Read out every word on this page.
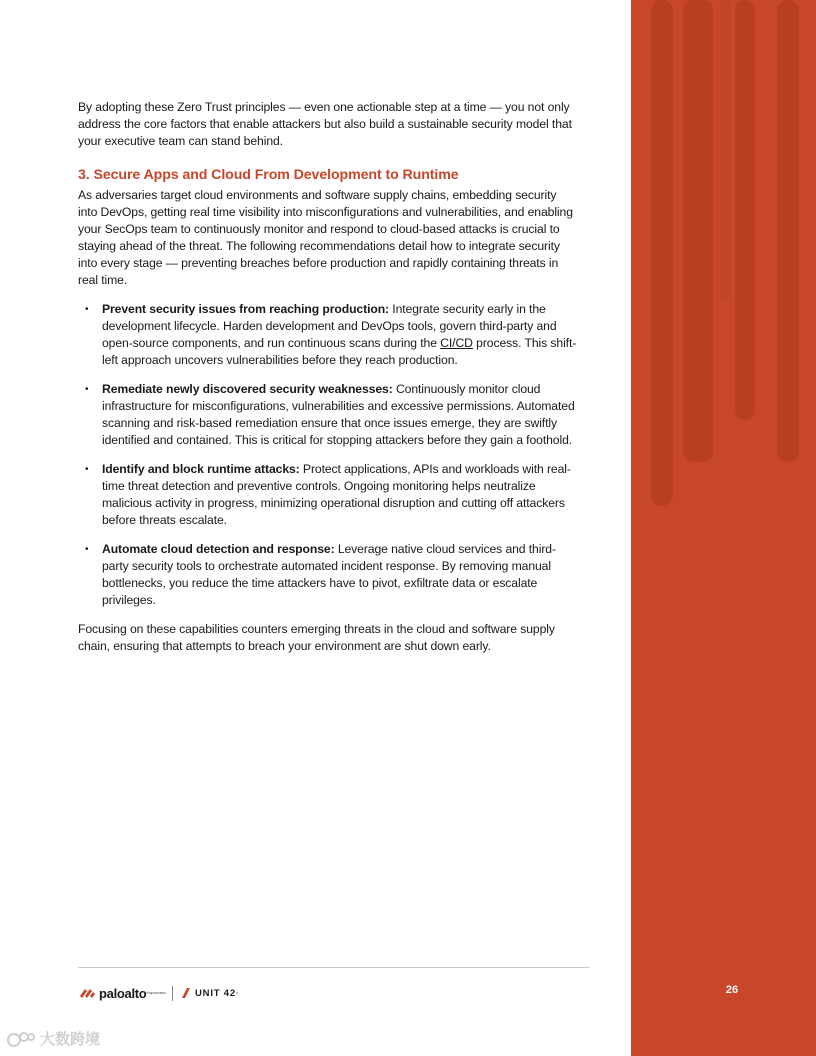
26

By adopting these Zero Trust principles — even one actionable step at a time — you not only address the core factors that enable attackers but also build a sustainable security model that your executive team can stand behind.

3. Secure Apps and Cloud From Development to Runtime

As adversaries target cloud environments and software supply chains, embedding security into DevOps, getting real time visibility into misconfigurations and vulnerabilities, and enabling your SecOps team to continuously monitor and respond to cloud-based attacks is crucial to staying ahead of the threat. The following recommendations detail how to integrate security into every stage — preventing breaches before production and rapidly containing threats in real time.

• Prevent security issues from reaching production: Integrate security early in the development lifecycle. Harden development and DevOps tools, govern third-party and open-source components, and run continuous scans during the CI/CD process. This shift-left approach uncovers vulnerabilities before they reach production.
• Remediate newly discovered security weaknesses: Continuously monitor cloud infrastructure for misconfigurations, vulnerabilities and excessive permissions. Automated scanning and risk-based remediation ensure that once issues emerge, they are swiftly identified and contained. This is critical for stopping attackers before they gain a foothold.
• Identify and block runtime attacks: Protect applications, APIs and workloads with real-time threat detection and preventive controls. Ongoing monitoring helps neutralize malicious activity in progress, minimizing operational disruption and cutting off attackers before threats escalate.
• Automate cloud detection and response: Leverage native cloud services and third-party security tools to orchestrate automated incident response. By removing manual bottlenecks, you reduce the time attackers have to pivot, exfiltrate data or escalate privileges.

Focusing on these capabilities counters emerging threats in the cloud and software supply chain, ensuring that attempts to breach your environment are shut down early.

paloalto ® NETWORKS	UNIT 42 ®
大数跨境
